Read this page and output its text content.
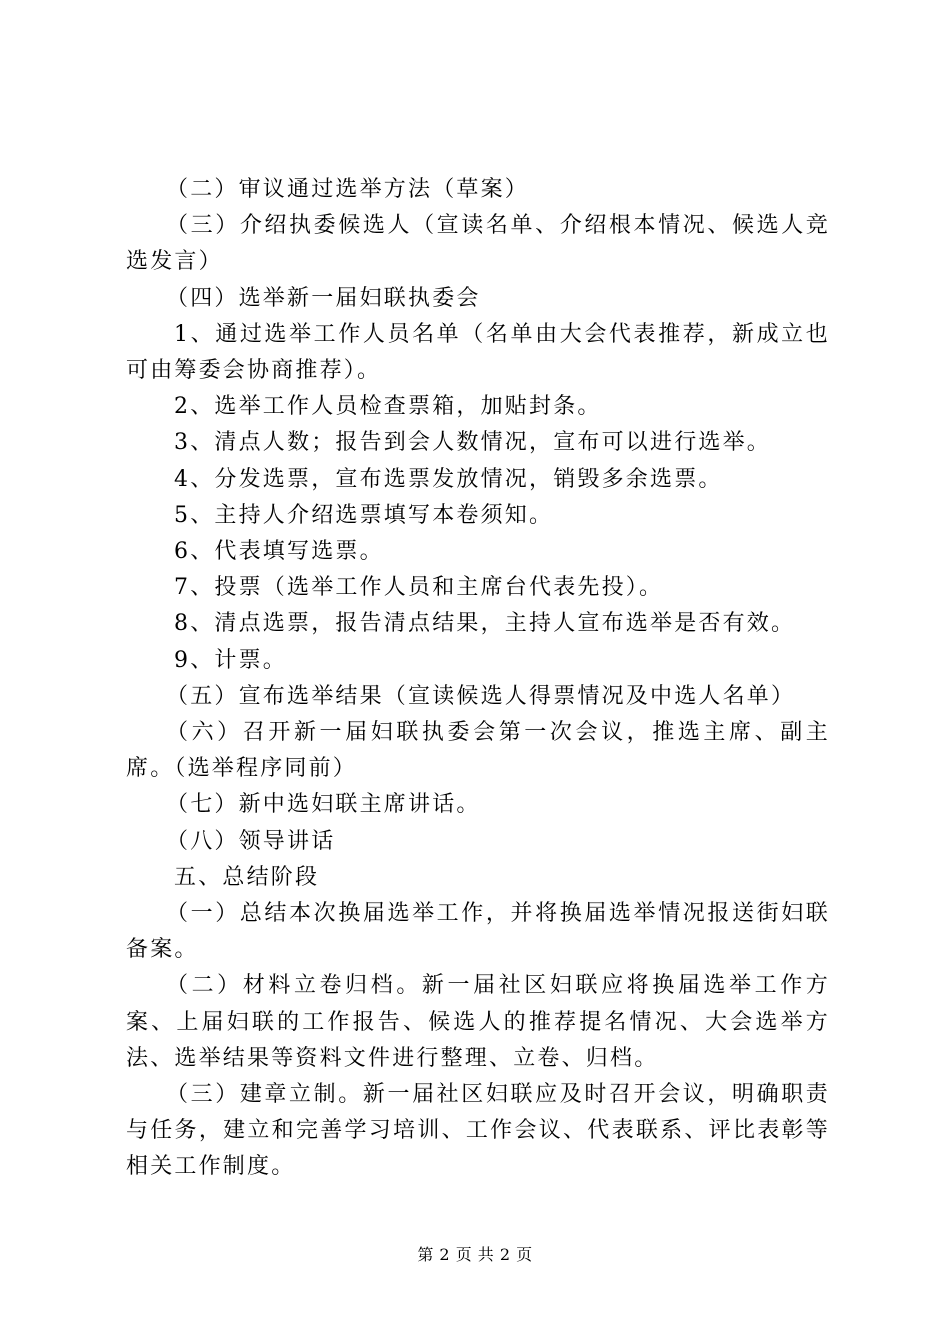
（二）审议通过选举方法（草案）

（三）介绍执委候选人（宣读名单、介绍根本情况、候选人竞选发言）

（四）选举新一届妇联执委会

1、通过选举工作人员名单（名单由大会代表推荐，新成立也可由筹委会协商推荐）。

2、选举工作人员检查票箱，加贴封条。

3、清点人数；报告到会人数情况，宣布可以进行选举。

4、分发选票，宣布选票发放情况，销毁多余选票。

5、主持人介绍选票填写本卷须知。

6、代表填写选票。

7、投票（选举工作人员和主席台代表先投）。

8、清点选票，报告清点结果，主持人宣布选举是否有效。

9、计票。

（五）宣布选举结果（宣读候选人得票情况及中选人名单）

（六）召开新一届妇联执委会第一次会议，推选主席、副主席。（选举程序同前）

（七）新中选妇联主席讲话。

（八）领导讲话

五、总结阶段

（一）总结本次换届选举工作，并将换届选举情况报送街妇联备案。

（二）材料立卷归档。新一届社区妇联应将换届选举工作方案、上届妇联的工作报告、候选人的推荐提名情况、大会选举方法、选举结果等资料文件进行整理、立卷、归档。

（三）建章立制。新一届社区妇联应及时召开会议，明确职责与任务，建立和完善学习培训、工作会议、代表联系、评比表彰等相关工作制度。

第 2 页 共 2 页
